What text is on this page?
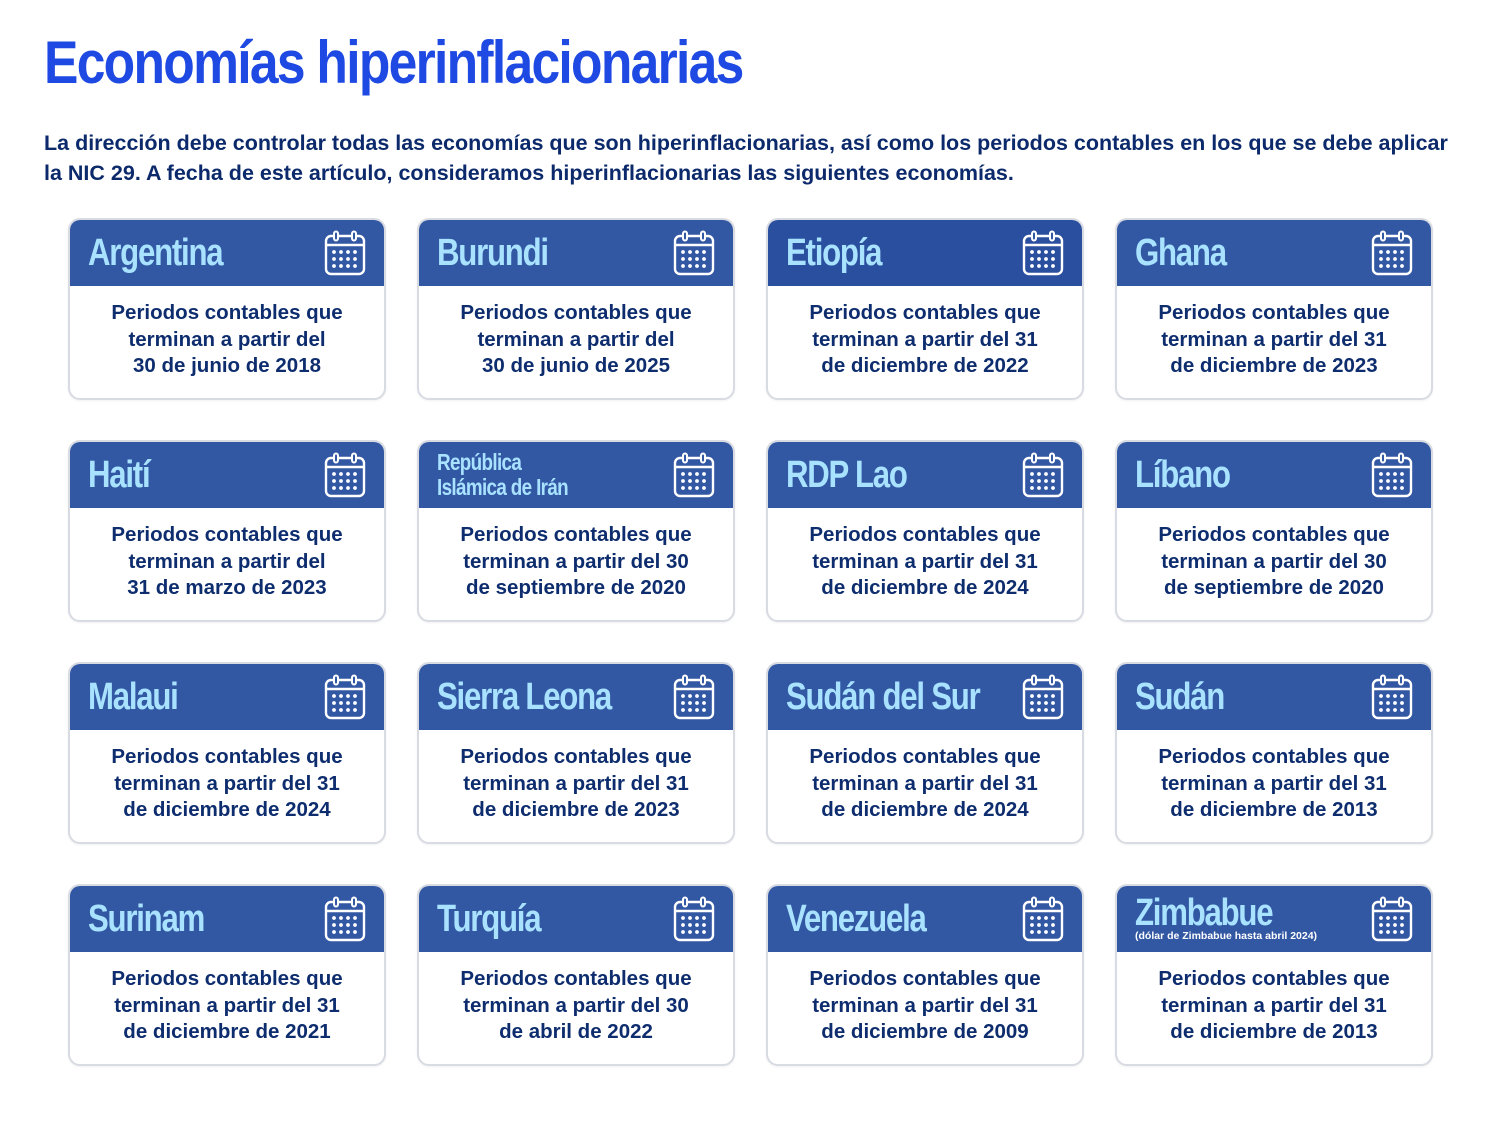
Economías hiperinflacionarias

La dirección debe controlar todas las economías que son hiperinflacionarias, así como los periodos contables en los que se debe aplicar la NIC 29. A fecha de este artículo, consideramos hiperinflacionarias las siguientes economías.

Argentina
Periodos contables que
terminan a partir del
30 de junio de 2018
Burundi
Periodos contables que
terminan a partir del
30 de junio de 2025
Etiopía
Periodos contables que
terminan a partir del 31
de diciembre de 2022
Ghana
Periodos contables que
terminan a partir del 31
de diciembre de 2023
Haití
Periodos contables que
terminan a partir del
31 de marzo de 2023
República
Islámica de Irán
Periodos contables que
terminan a partir del 30
de septiembre de 2020
RDP Lao
Periodos contables que
terminan a partir del 31
de diciembre de 2024
Líbano
Periodos contables que
terminan a partir del 30
de septiembre de 2020
Malaui
Periodos contables que
terminan a partir del 31
de diciembre de 2024
Sierra Leona
Periodos contables que
terminan a partir del 31
de diciembre de 2023
Sudán del Sur
Periodos contables que
terminan a partir del 31
de diciembre de 2024
Sudán
Periodos contables que
terminan a partir del 31
de diciembre de 2013
Surinam
Periodos contables que
terminan a partir del 31
de diciembre de 2021
Turquía
Periodos contables que
terminan a partir del 30
de abril de 2022
Venezuela
Periodos contables que
terminan a partir del 31
de diciembre de 2009
Zimbabue
(dólar de Zimbabue hasta abril 2024)
Periodos contables que
terminan a partir del 31
de diciembre de 2013
